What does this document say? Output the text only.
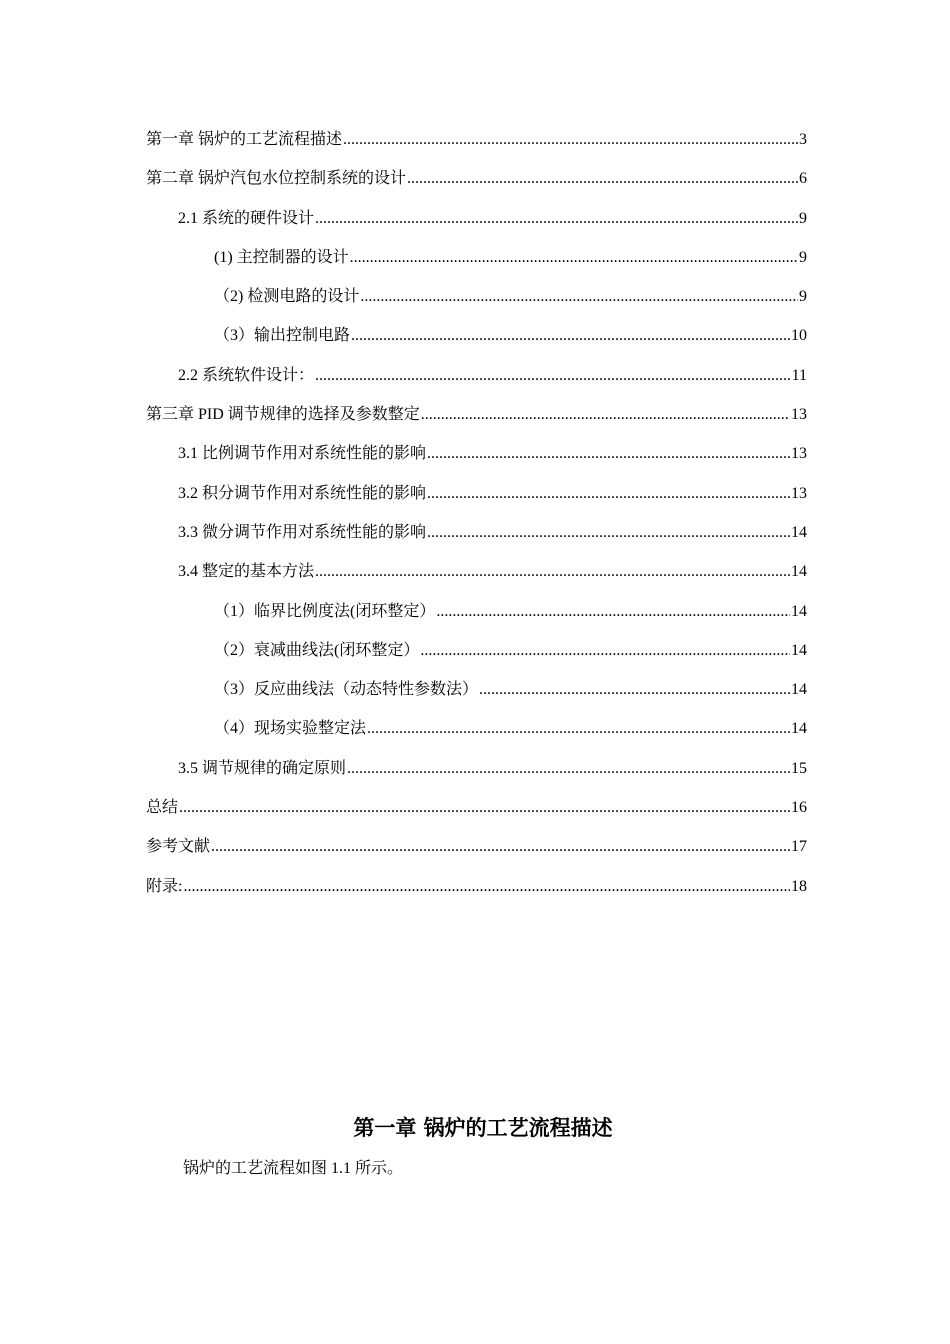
第一章 锅炉的工艺流程描述 .....	3
第二章 锅炉汽包水位控制系统的设计 .....	6
2.1 系统的硬件设计 .....	9
(1) 主控制器的设计 .....	9
（2) 检测电路的设计 .....	9
（3）输出控制电路 .....	10
2.2 系统软件设计： .....	11
第三章 PID 调节规律的选择及参数整定 .....	13
3.1 比例调节作用对系统性能的影响 .....	13
3.2 积分调节作用对系统性能的影响 .....	13
3.3 微分调节作用对系统性能的影响 .....	14
3.4 整定的基本方法 .....	14
（1）临界比例度法(闭环整定） .....	14
（2）衰减曲线法(闭环整定） .....	14
（3）反应曲线法（动态特性参数法） .....	14
（4）现场实验整定法 .....	14
3.5 调节规律的确定原则 .....	15
总结 .....	16
参考文献 .....	17
附录: .....	18
第一章 锅炉的工艺流程描述

锅炉的工艺流程如图 1.1 所示。
